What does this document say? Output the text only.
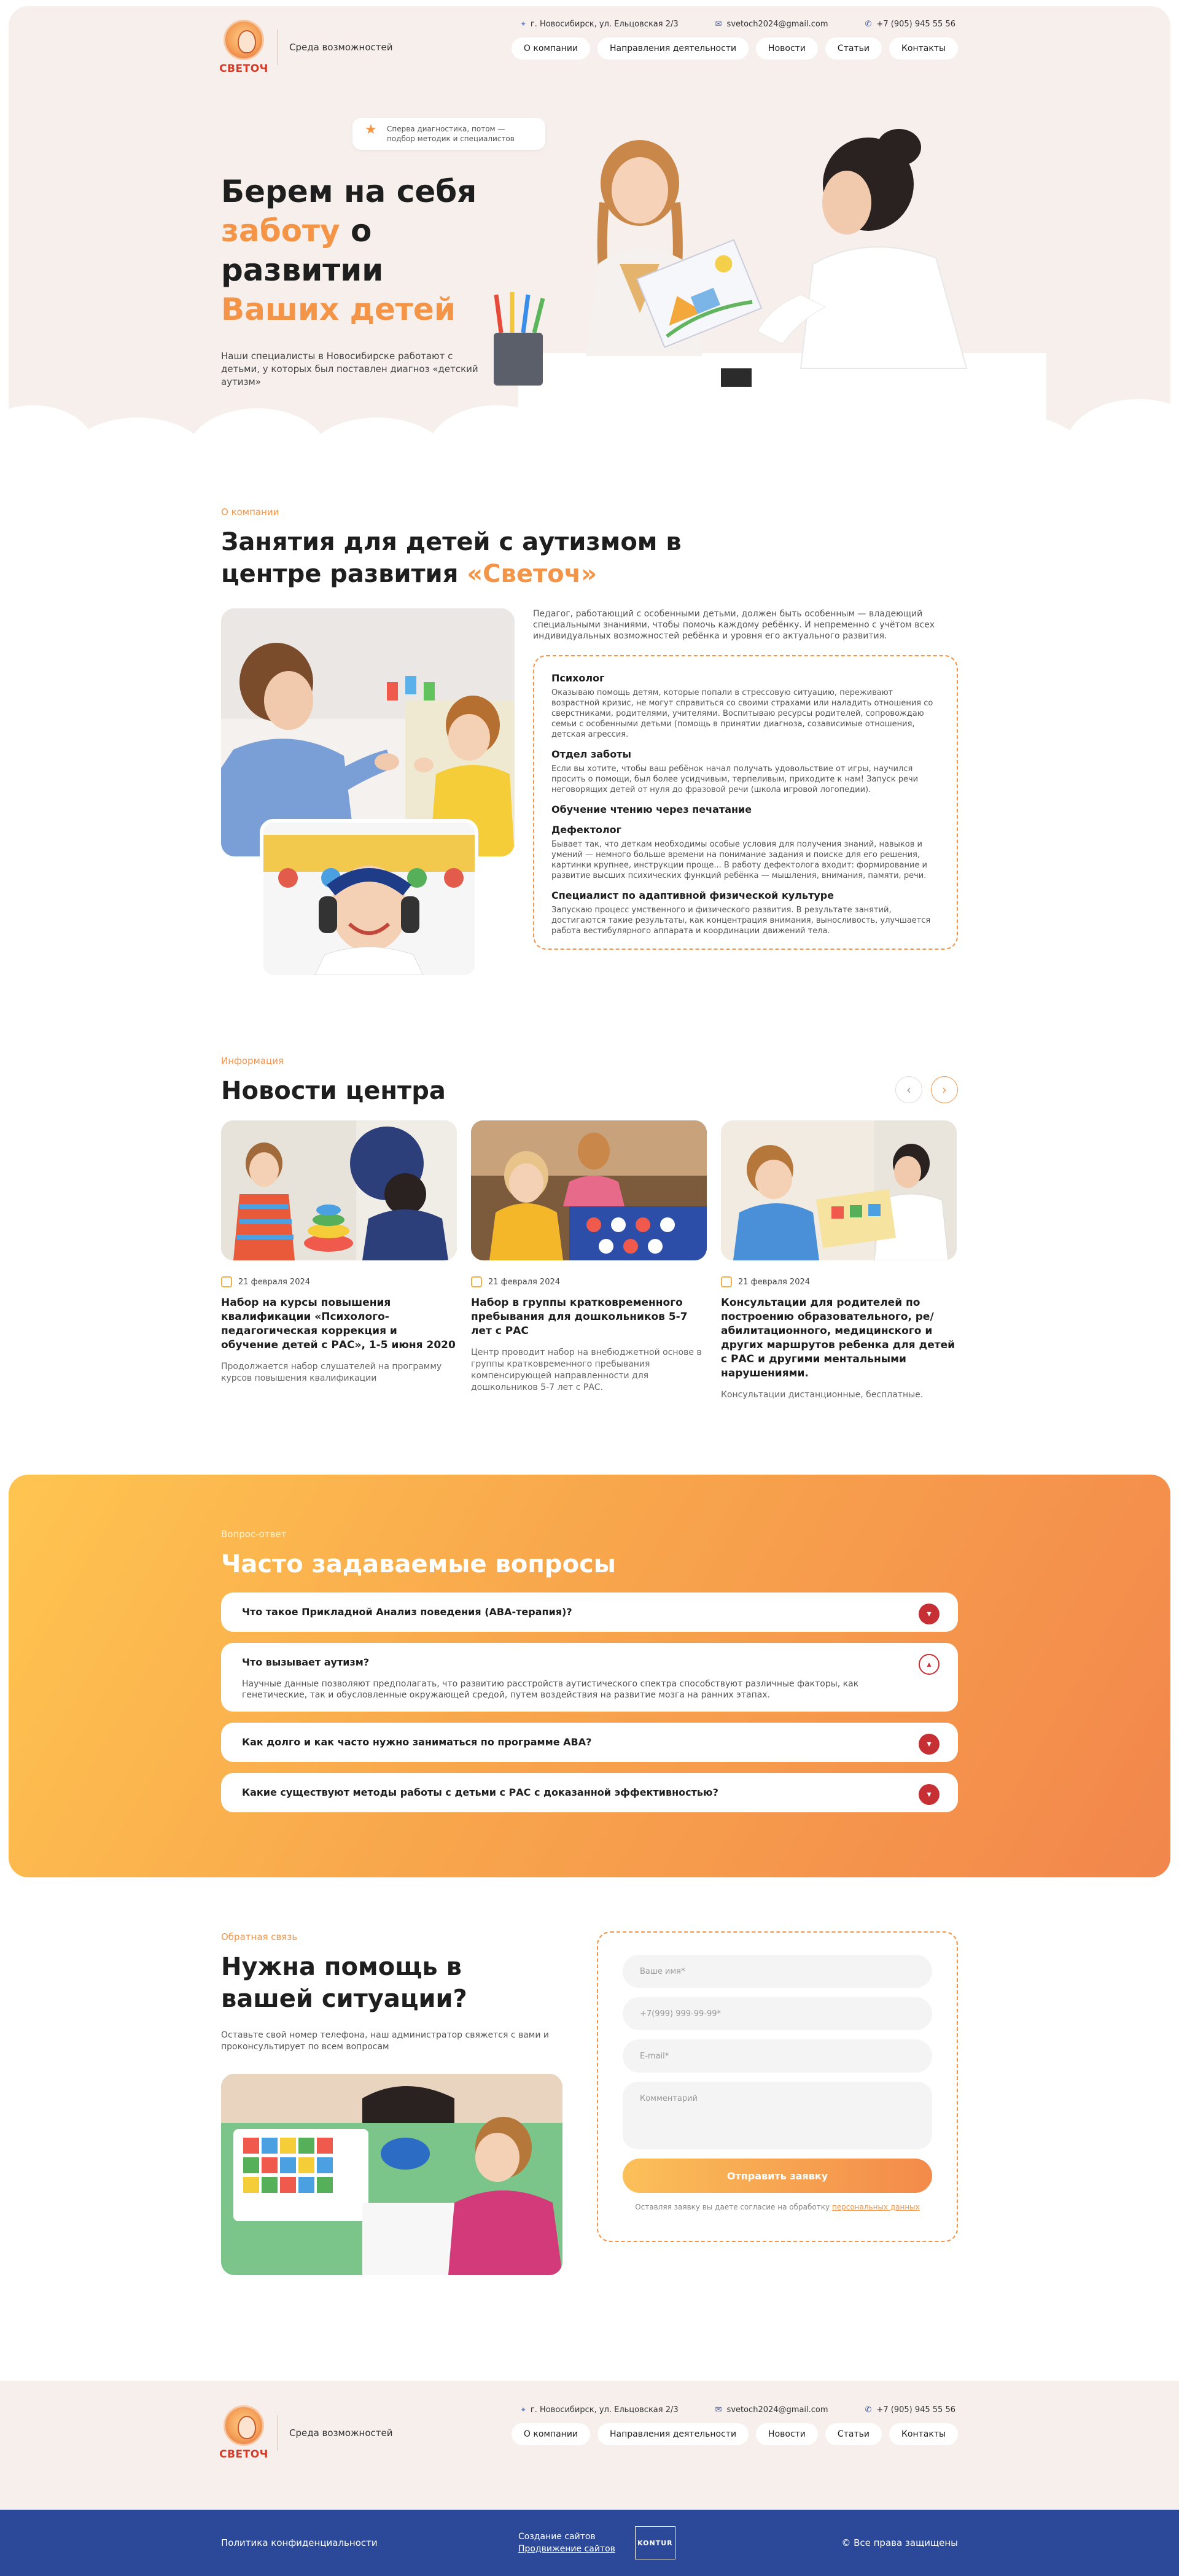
СВЕТОЧ
Среда возможностей
⌖ г. Новосибирск, ул. Ельцовская 2/3	✉ svetoch2024@gmail.com	✆ +7 (905) 945 55 56
О компании	Направления деятельности	Новости	Статьи	Контакты
★ Сперва диагностика, потом — подбор методик и специалистов
Берем на себя
заботу о развитии
Ваших детей

Наши специалисты в Новосибирске работают с детьми, у которых был поставлен диагноз «детский аутизм»

О компании
Занятия для детей с аутизмом в центре развития «Светоч»

Педагог, работающий с особенными детьми, должен быть особенным — владеющий специальными знаниями, чтобы помочь каждому ребёнку. И непременно с учётом всех индивидуальных возможностей ребёнка и уровня его актуального развития.

Психолог

Оказываю помощь детям, которые попали в стрессовую ситуацию, переживают возрастной кризис, не могут справиться со своими страхами или наладить отношения со сверстниками, родителями, учителями. Воспитываю ресурсы родителей, сопровождаю семьи с особенными детьми (помощь в принятии диагноза, созависимые отношения, детская агрессия.

Отдел заботы

Если вы хотите, чтобы ваш ребёнок начал получать удовольствие от игры, научился просить о помощи, был более усидчивым, терпеливым, приходите к нам! Запуск речи неговорящих детей от нуля до фразовой речи (школа игровой логопедии).

Обучение чтению через печатание
Дефектолог

Бывает так, что деткам необходимы особые условия для получения знаний, навыков и умений — немного больше времени на понимание задания и поиске для его решения, картинки крупнее, инструкции проще... В работу дефектолога входит: формирование и развитие высших психических функций ребёнка — мышления, внимания, памяти, речи.

Специалист по адаптивной физической культуре

Запускаю процесс умственного и физического развития. В результате занятий, достигаются такие результаты, как концентрация внимания, выносливость, улучшается работа вестибулярного аппарата и координации движений тела.

Информация
Новости центра	‹	›
21 февраля 2024
Набор на курсы повышения квалификации «Психолого-педагогическая коррекция и обучение детей с РАС», 1-5 июня 2020
Продолжается набор слушателей на программу курсов повышения квалификации
21 февраля 2024
Набор в группы кратковременного пребывания для дошкольников 5-7 лет с РАС
Центр проводит набор на внебюджетной основе в группы кратковременного пребывания компенсирующей направленности для дошкольников 5-7 лет с РАС.
21 февраля 2024
Консультации для родителей по построению образовательного, ре/абилитационного, медицинского и других маршрутов ребенка для детей с РАС и другими ментальными нарушениями.
Консультации дистанционные, бесплатные.
Вопрос-ответ
Часто задаваемые вопросы
Что такое Прикладной Анализ поведения (АВА-терапия)?	▾
Что вызывает аутизм?	▴
Научные данные позволяют предполагать, что развитию расстройств аутистического спектра способствуют различные факторы, как генетические, так и обусловленные окружающей средой, путем воздействия на развитие мозга на ранних этапах.
Как долго и как часто нужно заниматься по программе АВА?	▾
Какие существуют методы работы с детьми с РАС с доказанной эффективностью?	▾
Обратная связь
Нужна помощь в вашей ситуации?

Оставьте свой номер телефона, наш администратор свяжется с вами и проконсультирует по всем вопросам

Ваше имя*
+7(999) 999-99-99*
E-mail*
Комментарий
Отправить заявку
Оставляя заявку вы даете согласие на обработку персональных данных
СВЕТОЧ
Среда возможностей
⌖ г. Новосибирск, ул. Ельцовская 2/3	✉ svetoch2024@gmail.com	✆ +7 (905) 945 55 56
О компании	Направления деятельности	Новости	Статьи	Контакты
Политика конфиденциальности
Создание сайтов
Продвижение сайтов
KONTUR	© Все права защищены
